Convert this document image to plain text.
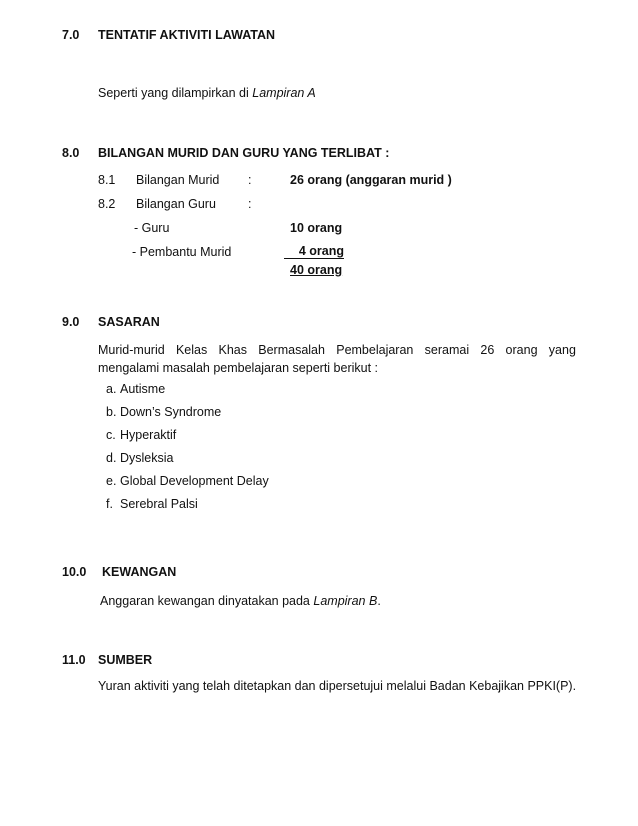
7.0 TENTATIF AKTIVITI LAWATAN
Seperti yang dilampirkan di Lampiran A
8.0 BILANGAN MURID DAN GURU YANG TERLIBAT :
8.1 Bilangan Murid :	26 orang (anggaran murid )
8.2 Bilangan Guru	:
- Guru	10 orang
- Pembantu Murid	4 orang
40 orang
9.0 SASARAN
Murid-murid Kelas Khas Bermasalah Pembelajaran seramai 26 orang yang
mengalami masalah pembelajaran seperti berikut :
a. Autisme
b. Down’s Syndrome
c. Hyperaktif
d. Dysleksia
e. Global Development Delay
f. Serebral Palsi
10.0 KEWANGAN
Anggaran kewangan dinyatakan pada Lampiran B.
11.0 SUMBER
Yuran aktiviti yang telah ditetapkan dan dipersetujui melalui Badan Kebajikan PPKI(P).
